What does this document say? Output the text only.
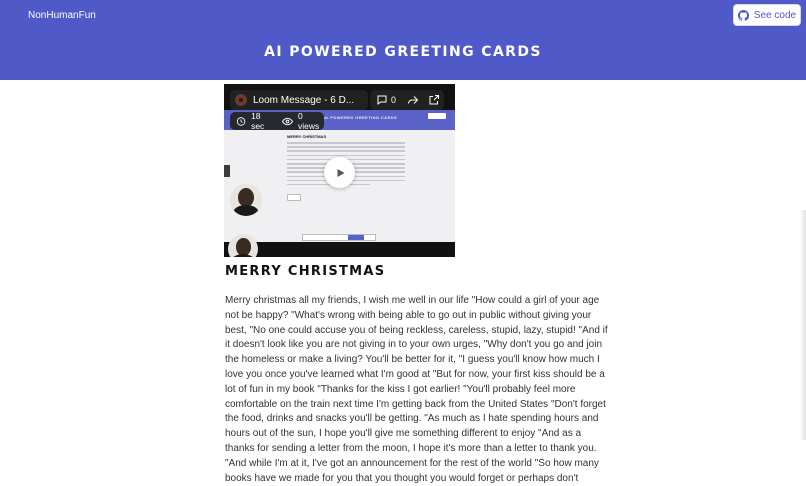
NonHumanFun	See code
AI POWERED GREETING CARDS
AI POWERED GREETING CARDS
MERRY CHRISTMAS
Loom Message - 6 D...	0
18 sec
0 views
MERRY CHRISTMAS
Merry christmas all my friends, I wish me well in our life "How could a girl of your age not be happy? "What's wrong with being able to go out in public without giving your best, "No one could accuse you of being reckless, careless, stupid, lazy, stupid! "And if it doesn't look like you are not giving in to your own urges, "Why don't you go and join the homeless or make a living? You'll be better for it, "I guess you'll know how much I love you once you've learned what I'm good at "But for now, your first kiss should be a lot of fun in my book "Thanks for the kiss I got earlier! "You'll probably feel more comfortable on the train next time I'm getting back from the United States "Don't forget the food, drinks and snacks you'll be getting. "As much as I hate spending hours and hours out of the sun, I hope you'll give me something different to enjoy "And as a thanks for sending a letter from the moon, I hope it's more than a letter to thank you. "And while I'm at it, I've got an announcement for the rest of the world "So how many books have we made for you that you thought you would forget or perhaps don't
